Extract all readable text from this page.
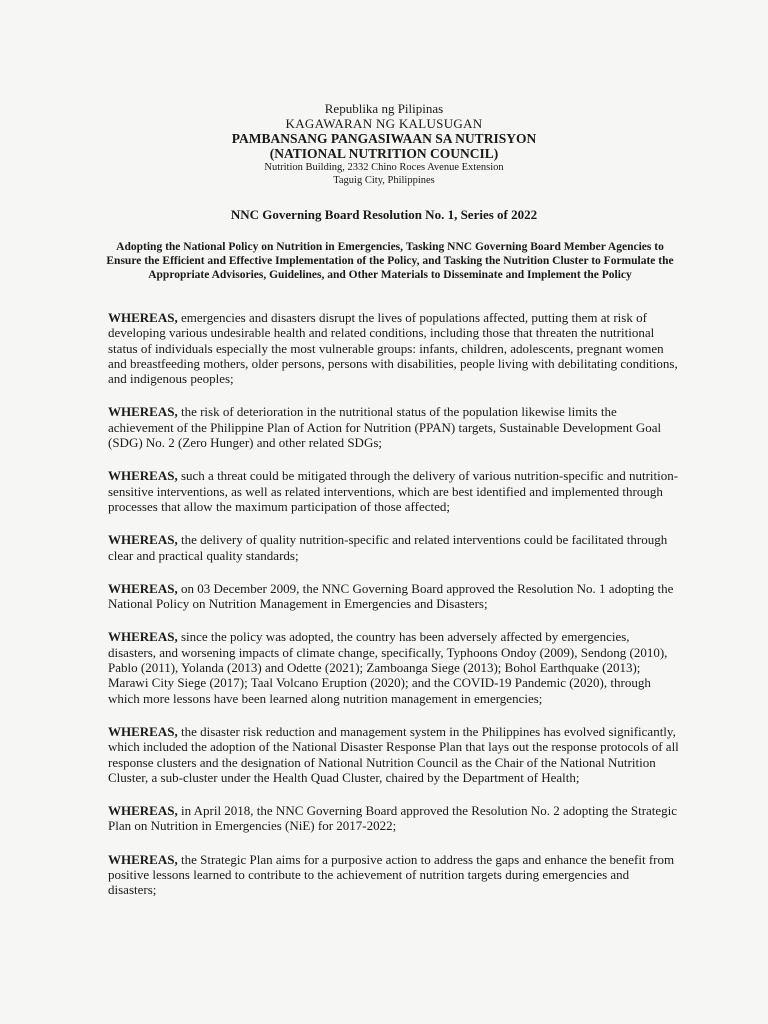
Republika ng Pilipinas
KAGAWARAN NG KALUSUGAN
PAMBANSANG PANGASIWAAN SA NUTRISYON
(NATIONAL NUTRITION COUNCIL)
Nutrition Building, 2332 Chino Roces Avenue Extension
Taguig City, Philippines
NNC Governing Board Resolution No. 1, Series of 2022
Adopting the National Policy on Nutrition in Emergencies, Tasking NNC Governing Board Member Agencies to Ensure the Efficient and Effective Implementation of the Policy, and Tasking the Nutrition Cluster to Formulate the Appropriate Advisories, Guidelines, and Other Materials to Disseminate and Implement the Policy

WHEREAS, emergencies and disasters disrupt the lives of populations affected, putting them at risk of developing various undesirable health and related conditions, including those that threaten the nutritional status of individuals especially the most vulnerable groups: infants, children, adolescents, pregnant women and breastfeeding mothers, older persons, persons with disabilities, people living with debilitating conditions, and indigenous peoples;

WHEREAS, the risk of deterioration in the nutritional status of the population likewise limits the achievement of the Philippine Plan of Action for Nutrition (PPAN) targets, Sustainable Development Goal (SDG) No. 2 (Zero Hunger) and other related SDGs;

WHEREAS, such a threat could be mitigated through the delivery of various nutrition-specific and nutrition-sensitive interventions, as well as related interventions, which are best identified and implemented through processes that allow the maximum participation of those affected;

WHEREAS, the delivery of quality nutrition-specific and related interventions could be facilitated through clear and practical quality standards;

WHEREAS, on 03 December 2009, the NNC Governing Board approved the Resolution No. 1 adopting the National Policy on Nutrition Management in Emergencies and Disasters;

WHEREAS, since the policy was adopted, the country has been adversely affected by emergencies, disasters, and worsening impacts of climate change, specifically, Typhoons Ondoy (2009), Sendong (2010), Pablo (2011), Yolanda (2013) and Odette (2021); Zamboanga Siege (2013); Bohol Earthquake (2013); Marawi City Siege (2017); Taal Volcano Eruption (2020); and the COVID-19 Pandemic (2020), through which more lessons have been learned along nutrition management in emergencies;

WHEREAS, the disaster risk reduction and management system in the Philippines has evolved significantly, which included the adoption of the National Disaster Response Plan that lays out the response protocols of all response clusters and the designation of National Nutrition Council as the Chair of the National Nutrition Cluster, a sub-cluster under the Health Quad Cluster, chaired by the Department of Health;

WHEREAS, in April 2018, the NNC Governing Board approved the Resolution No. 2 adopting the Strategic Plan on Nutrition in Emergencies (NiE) for 2017-2022;

WHEREAS, the Strategic Plan aims for a purposive action to address the gaps and enhance the benefit from positive lessons learned to contribute to the achievement of nutrition targets during emergencies and disasters;
